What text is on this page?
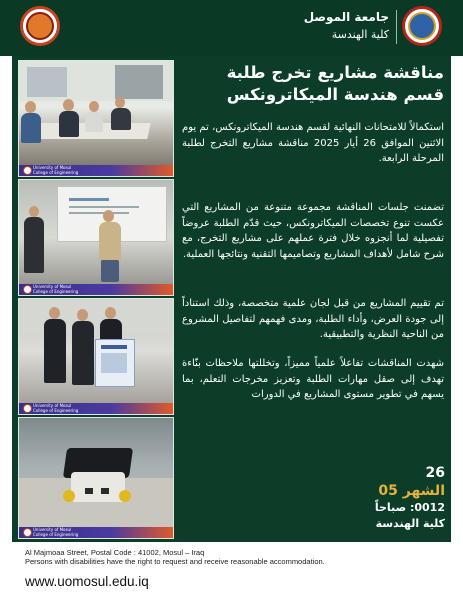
جامعة الموصل
كلية الهندسة
University of Mosul
College of Engineering
University of Mosul
College of Engineering
University of Mosul
College of Engineering
University of Mosul
College of Engineering
مناقشة مشاريع تخرج طلبة قسم هندسة الميكاترونكس

استكمالاً للامتحانات النهائية لقسم هندسة الميكاترونكس، تم يوم الاثنين الموافق 26 أيار 2025 مناقشة مشاريع التخرج لطلبة المرحلة الرابعة.

تضمنت جلسات المناقشة مجموعة متنوعة من المشاريع التي عكست تنوع تخصصات الميكاترونكس، حيث قدّم الطلبة عروضاً تفصيلية لما أنجزوه خلال فترة عملهم على مشاريع التخرج، مع شرح شامل لأهداف المشاريع وتصاميمها التقنية ونتائجها العملية.

تم تقييم المشاريع من قبل لجان علمية متخصصة، وذلك استناداً إلى جودة العرض، وأداء الطلبة، ومدى فهمهم لتفاصيل المشروع من الناحية النظرية والتطبيقية.

شهدت المناقشات تفاعلاً علمياً مميزاً، وتخللتها ملاحظات بنّاءة تهدف إلى صقل مهارات الطلبة وتعزيز مخرجات التعلم، بما يسهم في تطوير مستوى المشاريع في الدورات

26
الشهر 05
0012: صباحاً
كلية الهندسة
Al Majmoaa Street, Postal Code : 41002, Mosul – Iraq
Persons with disabilities have the right to request and receive reasonable accommodation.
www.uomosul.edu.iq
